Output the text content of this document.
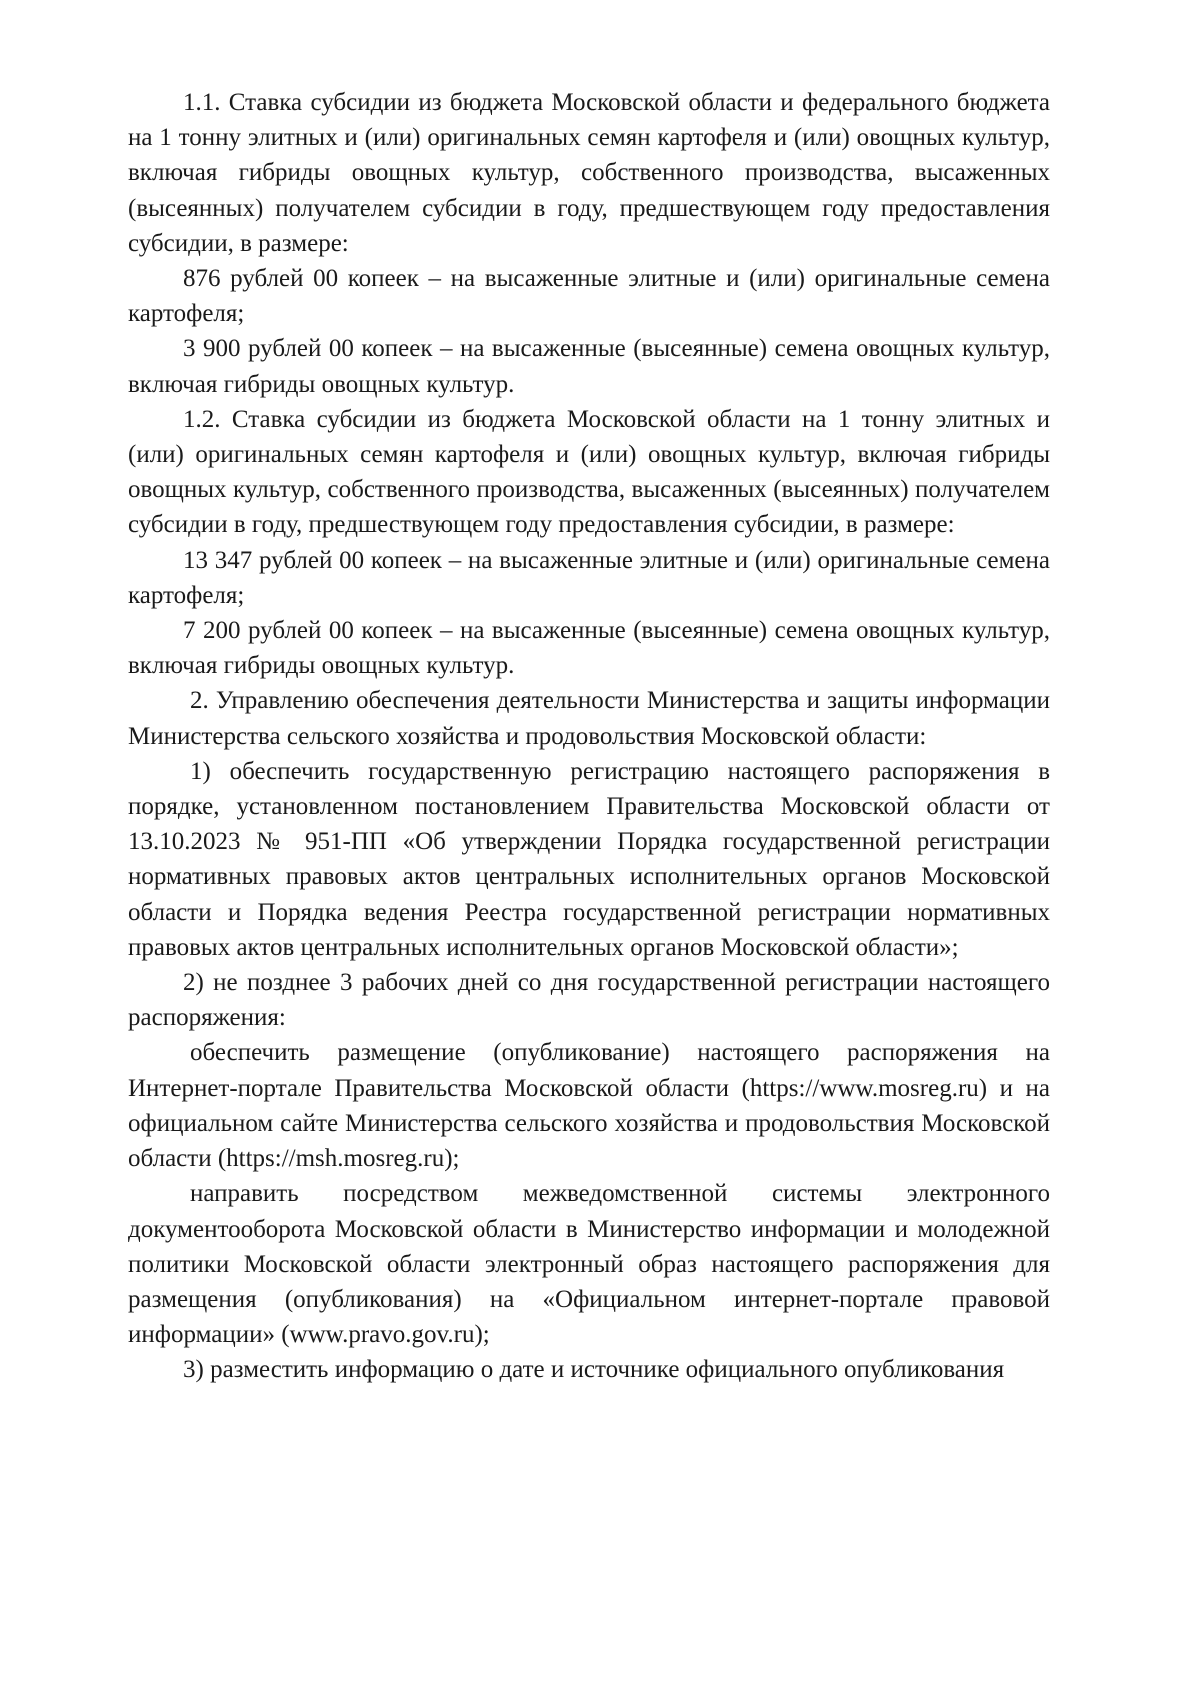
1.1. Ставка субсидии из бюджета Московской области и федерального бюджета на 1 тонну элитных и (или) оригинальных семян картофеля и (или) овощных культур, включая гибриды овощных культур, собственного производства, высаженных (высеянных) получателем субсидии в году, предшествующем году предоставления субсидии, в размере:

876 рублей 00 копеек – на высаженные элитные и (или) оригинальные семена картофеля;

3 900 рублей 00 копеек – на высаженные (высеянные) семена овощных культур, включая гибриды овощных культур.

1.2. Ставка субсидии из бюджета Московской области на 1 тонну элитных и (или) оригинальных семян картофеля и (или) овощных культур, включая гибриды овощных культур, собственного производства, высаженных (высеянных) получателем субсидии в году, предшествующем году предоставления субсидии, в размере:

13 347 рублей 00 копеек – на высаженные элитные и (или) оригинальные семена картофеля;

7 200 рублей 00 копеек – на высаженные (высеянные) семена овощных культур, включая гибриды овощных культур.

2. Управлению обеспечения деятельности Министерства и защиты информации Министерства сельского хозяйства и продовольствия Московской области:

1) обеспечить государственную регистрацию настоящего распоряжения в порядке, установленном постановлением Правительства Московской области от 13.10.2023 № 951-ПП «Об утверждении Порядка государственной регистрации нормативных правовых актов центральных исполнительных органов Московской области и Порядка ведения Реестра государственной регистрации нормативных правовых актов центральных исполнительных органов Московской области»;

2) не позднее 3 рабочих дней со дня государственной регистрации настоящего распоряжения:

обеспечить размещение (опубликование) настоящего распоряжения на Интернет-портале Правительства Московской области (https://www.mosreg.ru) и на официальном сайте Министерства сельского хозяйства и продовольствия Московской области (https://msh.mosreg.ru);

направить посредством межведомственной системы электронного документооборота Московской области в Министерство информации и молодежной политики Московской области электронный образ настоящего распоряжения для размещения (опубликования) на «Официальном интернет-портале правовой информации» (www.pravo.gov.ru);

3) разместить информацию о дате и источнике официального опубликования
